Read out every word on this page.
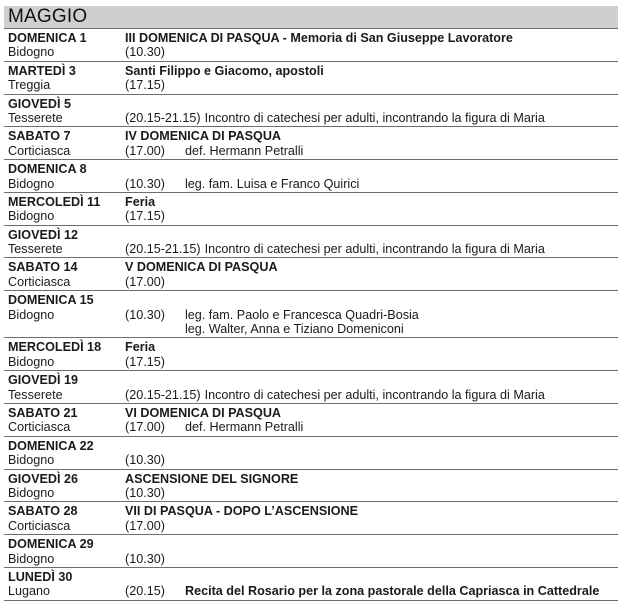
MAGGIO
DOMENICA 1	III DOMENICA DI PASQUA - Memoria di San Giuseppe Lavoratore
Bidogno	(10.30)
MARTEDÌ 3	Santi Filippo e Giacomo, apostoli
Treggia	(17.15)
GIOVEDÌ 5
Tesserete	(20.15-21.15) Incontro di catechesi per adulti, incontrando la figura di Maria
SABATO 7	IV DOMENICA DI PASQUA
Corticiasca	(17.00)	def. Hermann Petralli
DOMENICA 8
Bidogno	(10.30)	leg. fam. Luisa e Franco Quirici
MERCOLEDÌ 11	Feria
Bidogno	(17.15)
GIOVEDÌ 12
Tesserete	(20.15-21.15) Incontro di catechesi per adulti, incontrando la figura di Maria
SABATO 14	V DOMENICA DI PASQUA
Corticiasca	(17.00)
DOMENICA 15
Bidogno	(10.30)	leg. fam. Paolo e Francesca Quadri-Bosia
leg. Walter, Anna e Tiziano Domeniconi
MERCOLEDÌ 18	Feria
Bidogno	(17.15)
GIOVEDÌ 19
Tesserete	(20.15-21.15) Incontro di catechesi per adulti, incontrando la figura di Maria
SABATO 21	VI DOMENICA DI PASQUA
Corticiasca	(17.00)	def. Hermann Petralli
DOMENICA 22
Bidogno	(10.30)
GIOVEDÌ 26	ASCENSIONE DEL SIGNORE
Bidogno	(10.30)
SABATO 28	VII DI PASQUA - DOPO L’ASCENSIONE
Corticiasca	(17.00)
DOMENICA 29
Bidogno	(10.30)
LUNEDÌ 30
Lugano	(20.15)	Recita del Rosario per la zona pastorale della Capriasca in Cattedrale
